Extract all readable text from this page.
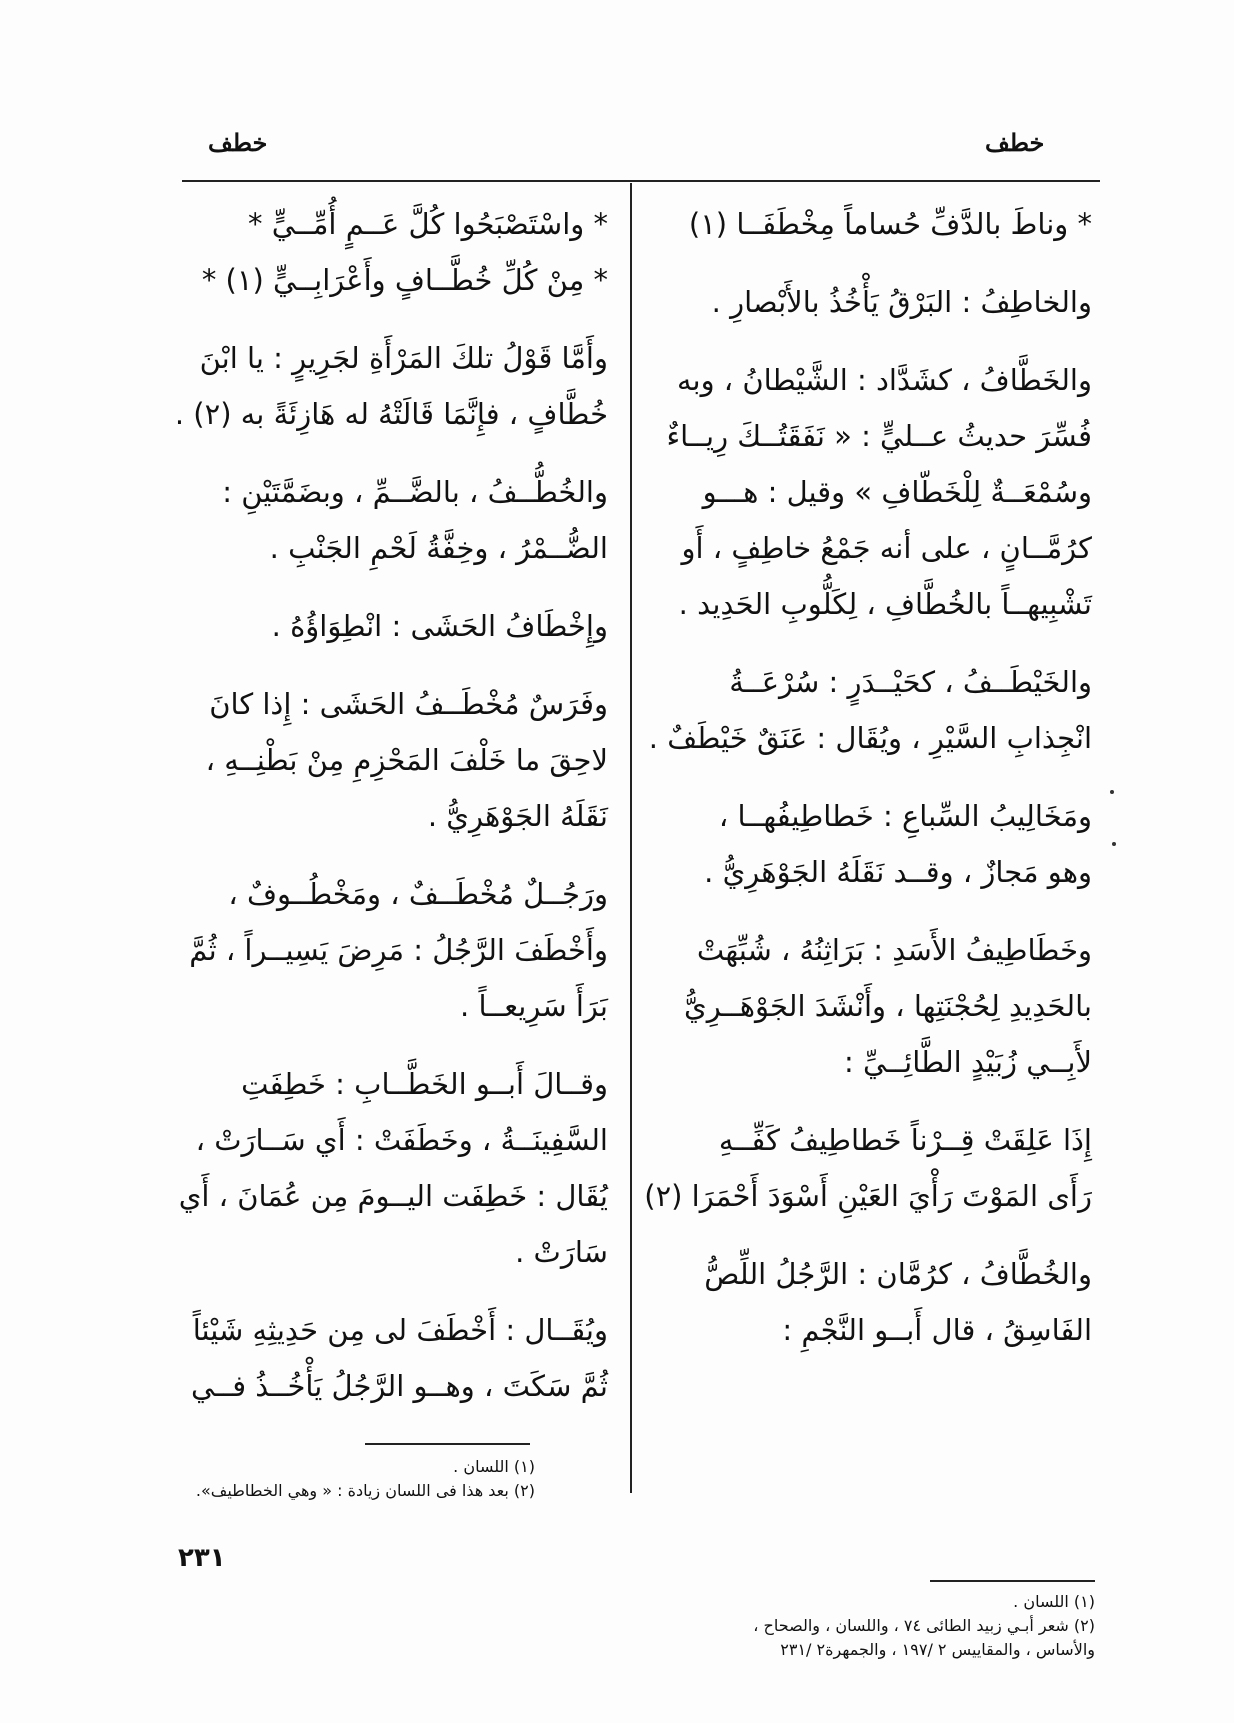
خطف	خطف
* وناطَ بالدَّفِّ حُساماً مِخْطَفَــا (١)
والخاطِفُ : البَرْقُ يَأْخُذُ بالأَبْصارِ .
والخَطَّافُ ، كشَدَّاد : الشَّيْطانُ ، وبه
فُسِّرَ حديثُ عــليٍّ : « نَفَقَتُــكَ رِيــاءٌ
وسُمْعَــةٌ لِلْخَطّافِ » وقيل : هـــو
كرُمَّــانٍ ، على أنه جَمْعُ خاطِفٍ ، أَو
تَشْبِيهــاً بالخُطَّافِ ، لِكَلُّوبِ الحَدِيد .
والخَيْطَــفُ ، كحَيْــدَرٍ : سُرْعَــةُ
انْجِذابِ السَّيْرِ ، ويُقَال : عَنَقٌ خَيْطَفٌ .
ومَخَالِيبُ السِّباعِ : خَطاطِيفُهــا ،
وهو مَجازٌ ، وقــد نَقَلَهُ الجَوْهَرِيُّ .
وخَطَاطِيفُ الأَسَدِ : بَرَاثِنُهُ ، شُبِّهَتْ
بالحَدِيدِ لِحُجْنَتِها ، وأَنْشَدَ الجَوْهَــرِيُّ
لأَبِــي زُبَيْدٍ الطَّائِــيِّ :
إِذَا عَلِقَتْ قِــرْناً خَطاطِيفُ كَفِّــهِ
رَأَى المَوْتَ رَأْيَ العَيْنِ أَسْوَدَ أَحْمَرَا (٢)
والخُطَّافُ ، كرُمَّان : الرَّجُلُ اللِّصُّ
الفَاسِقُ ، قال أَبــو النَّجْمِ :
* واسْتَصْبَحُوا كُلَّ عَــمٍ أُمِّــيٍّ *
* مِنْ كُلِّ خُطَّــافٍ وأَعْرَابِــيٍّ (١) *
وأَمَّا قَوْلُ تلكَ المَرْأَةِ لجَرِيرٍ : يا ابْنَ
خُطَّافٍ ، فإِنَّمَا قَالَتْهُ له هَازِئَةً به (٢) .
والخُطُّــفُ ، بالضَّــمِّ ، وبضَمَّتَيْنِ :
الضُّــمْرُ ، وخِفَّةُ لَحْمِ الجَنْبِ .
وإِخْطَافُ الحَشَى : انْطِوَاؤُهُ .
وفَرَسٌ مُخْطَــفُ الحَشَى : إِذا كانَ
لاحِقَ ما خَلْفَ المَحْزِمِ مِنْ بَطْنِــهِ ،
نَقَلَهُ الجَوْهَرِيُّ .
ورَجُــلٌ مُخْطَــفٌ ، ومَخْطُــوفٌ ،
وأَخْطَفَ الرَّجُلُ : مَرِضَ يَسِيــراً ، ثُمَّ
بَرَأَ سَرِيعــاً .
وقــالَ أَبــو الخَطَّــابِ : خَطِفَتِ
السَّفِينَــةُ ، وخَطَفَتْ : أَي سَــارَتْ ،
يُقَال : خَطِفَت اليــومَ مِن عُمَانَ ، أَي
سَارَتْ .
ويُقَــال : أَخْطَفَ لى مِن حَدِيثِهِ شَيْئاً
ثُمَّ سَكَتَ ، وهــو الرَّجُلُ يَأْخُــذُ فــي
(١) اللسان .
(٢) شعر أبـي زبيد الطائى ٧٤ ، واللسان ، والصحاح ،
والأساس ، والمقاييس ٢ /١٩٧ ، والجمهرة٢ /٢٣١
(١) اللسان .
(٢) بعد هذا فى اللسان زيادة : « وهي الخطاطيف».
٢٣١
